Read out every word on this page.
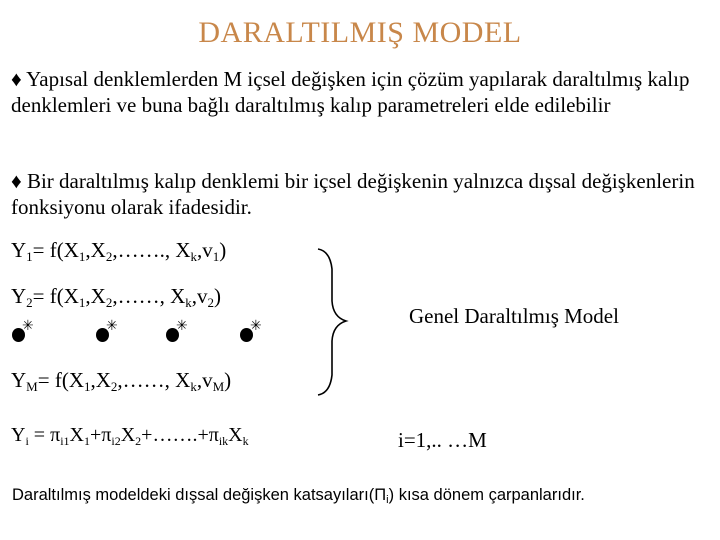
DARALTILMIŞ MODEL
♦ Yapısal denklemlerden M içsel değişken için çözüm yapılarak daraltılmış kalıp denklemleri ve buna bağlı daraltılmış kalıp parametreleri elde edilebilir
♦ Bir daraltılmış kalıp denklemi bir içsel değişkenin yalnızca dışsal değişkenlerin fonksiyonu olarak ifadesidir.
$Y_1=$ $f(X_1,X_2,\dots\dots$., $X_k,v_1$)
$Y_2=$ $f(X_1,X_2,\dots\dots$, $X_k,v_2$)
✳	✳	✳	✳
$Y_M=$ $f(X_1,X_2,\dots\dots$, $X_k,v_M$)
Genel Daraltılmış Model
$Y_i$ = $\pi_{i1}X_1+\pi_{i2}X_2+\dots\dots.+\pi_{ik}X_k$	i=1,.. …M
Daraltılmış modeldeki dışsal değişken $katsayıları(\Pi_i)$ kısa dönem çarpanlarıdır.
